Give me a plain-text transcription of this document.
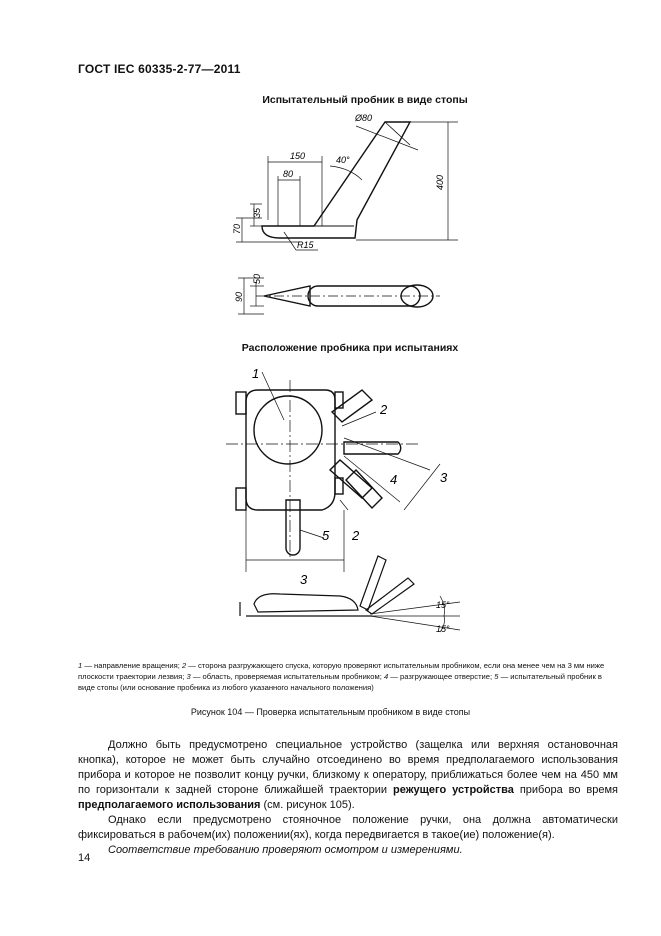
ГОСТ IEC 60335-2-77—2011
Испытательный пробник в виде стопы
Ø80
150	40°
80
400
35
70
R15
50
90
Расположение пробника при испытаниях
1
2
3
4
5 2
3
15°
15°
1 — направление вращения; 2 — сторона разгружающего спуска, которую проверяют испытательным пробником, если она менее чем на 3 мм ниже плоскости траектории лезвия; 3 — область, проверяемая испытательным пробником; 4 — разгружающее отверстие; 5 — испытательный пробник в виде стопы (или основание пробника из любого указанного начального положения)
Рисунок 104 — Проверка испытательным пробником в виде стопы

Должно быть предусмотрено специальное устройство (защелка или верхняя остановочная кнопка), которое не может быть случайно отсоединено во время предполагаемого использования прибора и которое не позволит концу ручки, близкому к оператору, приближаться более чем на 450 мм по горизонтали к задней стороне ближайшей траектории режущего устройства прибора во время предполагаемого использования (см. рисунок 105).

Однако если предусмотрено стояночное положение ручки, она должна автоматически фиксироваться в рабочем(их) положении(ях), когда передвигается в такое(ие) положение(я).

Соответствие требованию проверяют осмотром и измерениями.

14
